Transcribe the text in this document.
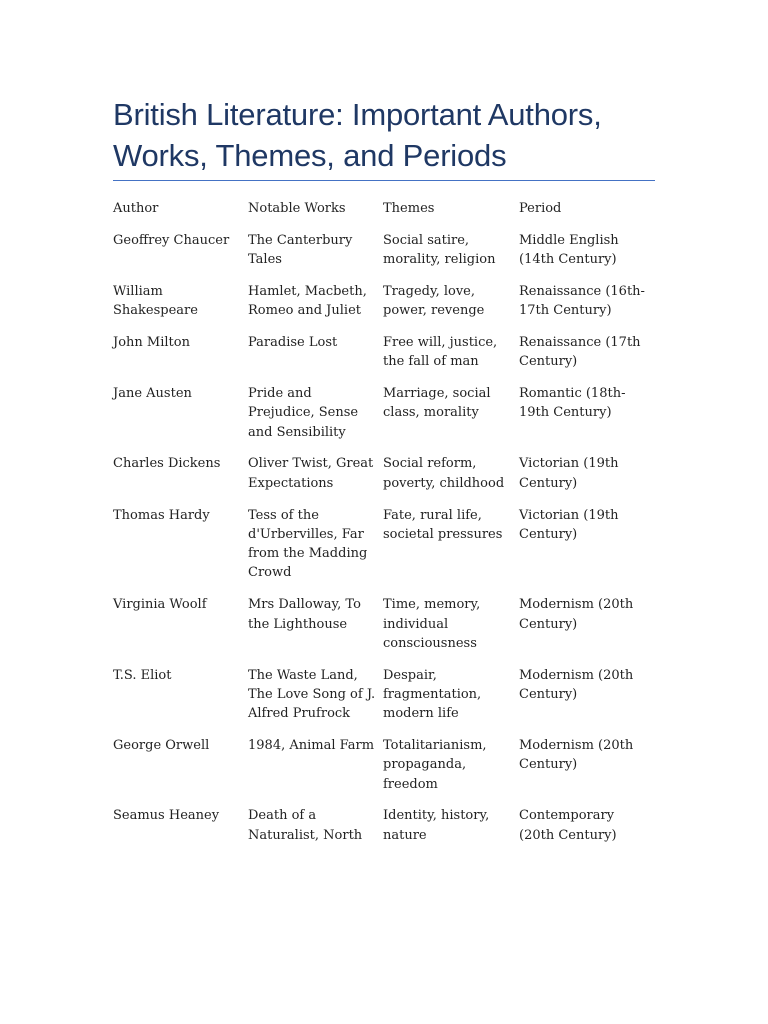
British Literature: Important Authors,
Works, Themes, and Periods
Author	Notable Works	Themes	Period
Geoffrey Chaucer	The Canterbury Tales	Social satire, morality, religion	Middle English (14th Century)
William Shakespeare	Hamlet, Macbeth, Romeo and Juliet	Tragedy, love, power, revenge	Renaissance (16th-17th Century)
John Milton	Paradise Lost	Free will, justice, the fall of man	Renaissance (17th Century)
Jane Austen	Pride and Prejudice, Sense and Sensibility	Marriage, social class, morality	Romantic (18th-19th Century)
Charles Dickens	Oliver Twist, Great Expectations	Social reform, poverty, childhood	Victorian (19th Century)
Thomas Hardy	Tess of the d'Urbervilles, Far from the Madding Crowd	Fate, rural life, societal pressures	Victorian (19th Century)
Virginia Woolf	Mrs Dalloway, To the Lighthouse	Time, memory, individual consciousness	Modernism (20th Century)
T.S. Eliot	The Waste Land, The Love Song of J. Alfred Prufrock	Despair, fragmentation, modern life	Modernism (20th Century)
George Orwell	1984, Animal Farm	Totalitarianism, propaganda, freedom	Modernism (20th Century)
Seamus Heaney	Death of a Naturalist, North	Identity, history, nature	Contemporary (20th Century)
